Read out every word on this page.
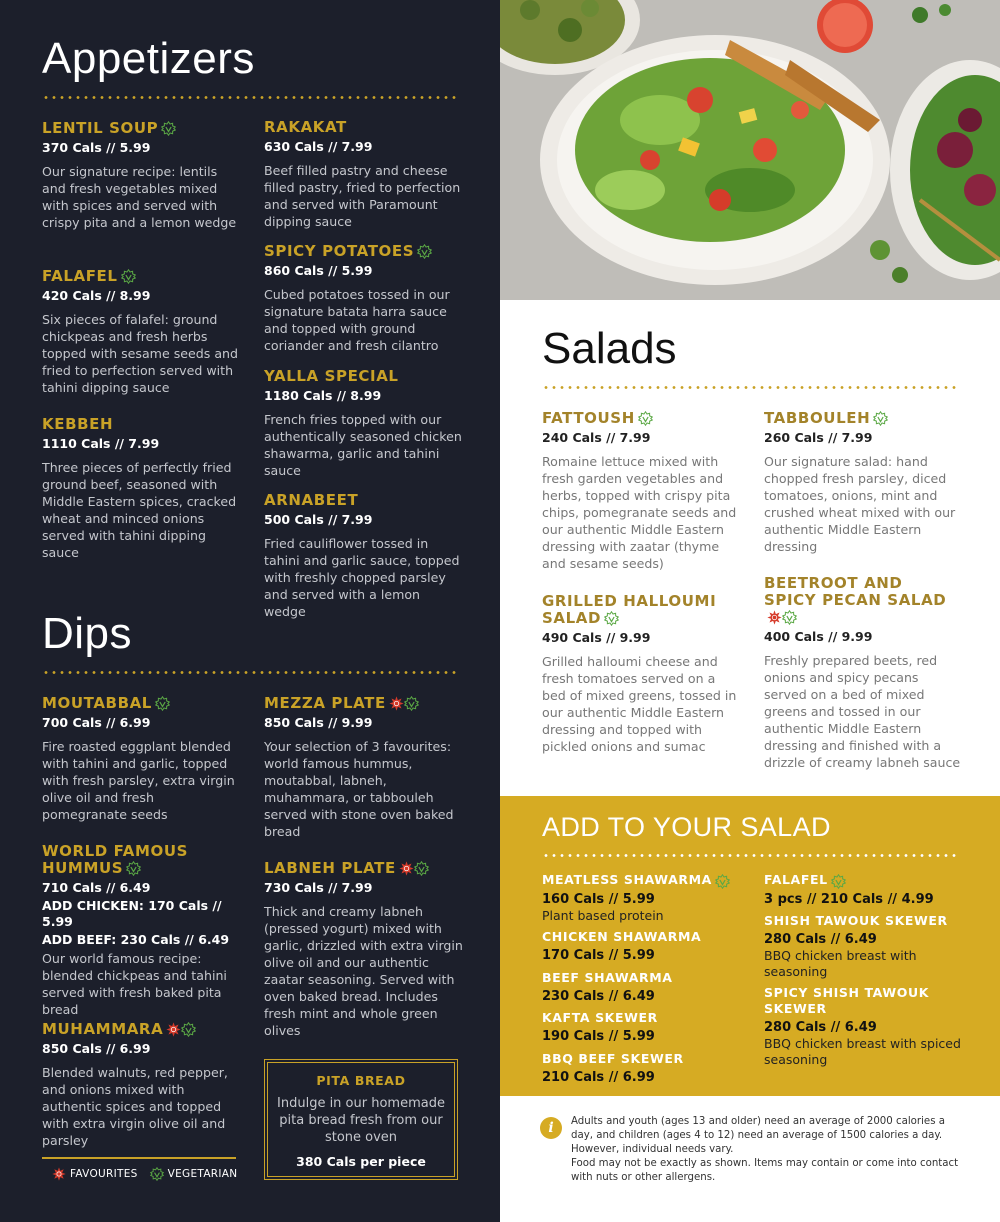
Appetizers
LENTIL SOUP
370 Cals // 5.99
Our signature recipe: lentils and fresh vegetables mixed with spices and served with crispy pita and a lemon wedge
FALAFEL
420 Cals // 8.99
Six pieces of falafel: ground chickpeas and fresh herbs topped with sesame seeds and fried to perfection served with tahini dipping sauce
KEBBEH
1110 Cals // 7.99
Three pieces of perfectly fried ground beef, seasoned with Middle Eastern spices, cracked wheat and minced onions served with tahini dipping sauce
RAKAKAT
630 Cals // 7.99
Beef filled pastry and cheese filled pastry, fried to perfection and served with Paramount dipping sauce
SPICY POTATOES
860 Cals // 5.99
Cubed potatoes tossed in our signature batata harra sauce and topped with ground coriander and fresh cilantro
YALLA SPECIAL
1180 Cals // 8.99
French fries topped with our authentically seasoned chicken shawarma, garlic and tahini sauce
ARNABEET
500 Cals // 7.99
Fried cauliflower tossed in tahini and garlic sauce, topped with freshly chopped parsley and served with a lemon wedge
Dips
MOUTABBAL
700 Cals // 6.99
Fire roasted eggplant blended with tahini and garlic, topped with fresh parsley, extra virgin olive oil and fresh pomegranate seeds
WORLD FAMOUS HUMMUS
710 Cals // 6.49
ADD CHICKEN: 170 Cals // 5.99
ADD BEEF: 230 Cals // 6.49
Our world famous recipe: blended chickpeas and tahini served with fresh baked pita bread
MUHAMMARA
850 Cals // 6.99
Blended walnuts, red pepper, and onions mixed with authentic spices and topped with extra virgin olive oil and parsley
MEZZA PLATE
850 Cals // 9.99
Your selection of 3 favourites: world famous hummus, moutabbal, labneh, muhammara, or tabbouleh served with stone oven baked bread
LABNEH PLATE
730 Cals // 7.99
Thick and creamy labneh (pressed yogurt) mixed with garlic, drizzled with extra virgin olive oil and our authentic zaatar seasoning. Served with oven baked bread. Includes fresh mint and whole green olives
PITA BREAD
Indulge in our homemade pita bread fresh from our stone oven
380 Cals per piece
FAVOURITES	VEGETARIAN
Salads
FATTOUSH
240 Cals // 7.99
Romaine lettuce mixed with fresh garden vegetables and herbs, topped with crispy pita chips, pomegranate seeds and our authentic Middle Eastern dressing with zaatar (thyme and sesame seeds)
GRILLED HALLOUMI SALAD
490 Cals // 9.99
Grilled halloumi cheese and fresh tomatoes served on a bed of mixed greens, tossed in our authentic Middle Eastern dressing and topped with pickled onions and sumac
TABBOULEH
260 Cals // 7.99
Our signature salad: hand chopped fresh parsley, diced tomatoes, onions, mint and crushed wheat mixed with our authentic Middle Eastern dressing
BEETROOT AND SPICY PECAN SALAD
400 Cals // 9.99
Freshly prepared beets, red onions and spicy pecans served on a bed of mixed greens and tossed in our authentic Middle Eastern dressing and finished with a drizzle of creamy labneh sauce
ADD TO YOUR SALAD
MEATLESS SHAWARMA
160 Cals // 5.99
Plant based protein
CHICKEN SHAWARMA
170 Cals // 5.99
BEEF SHAWARMA
230 Cals // 6.49
KAFTA SKEWER
190 Cals // 5.99
BBQ BEEF SKEWER
210 Cals // 6.99
FALAFEL
3 pcs // 210 Cals // 4.99
SHISH TAWOUK SKEWER
280 Cals // 6.49
BBQ chicken breast with seasoning
SPICY SHISH TAWOUK SKEWER
280 Cals // 6.49
BBQ chicken breast with spiced seasoning
i	Adults and youth (ages 13 and older) need an average of 2000 calories a day, and children (ages 4 to 12) need an average of 1500 calories a day. However, individual needs vary.
Food may not be exactly as shown. Items may contain or come into contact with nuts or other allergens.
